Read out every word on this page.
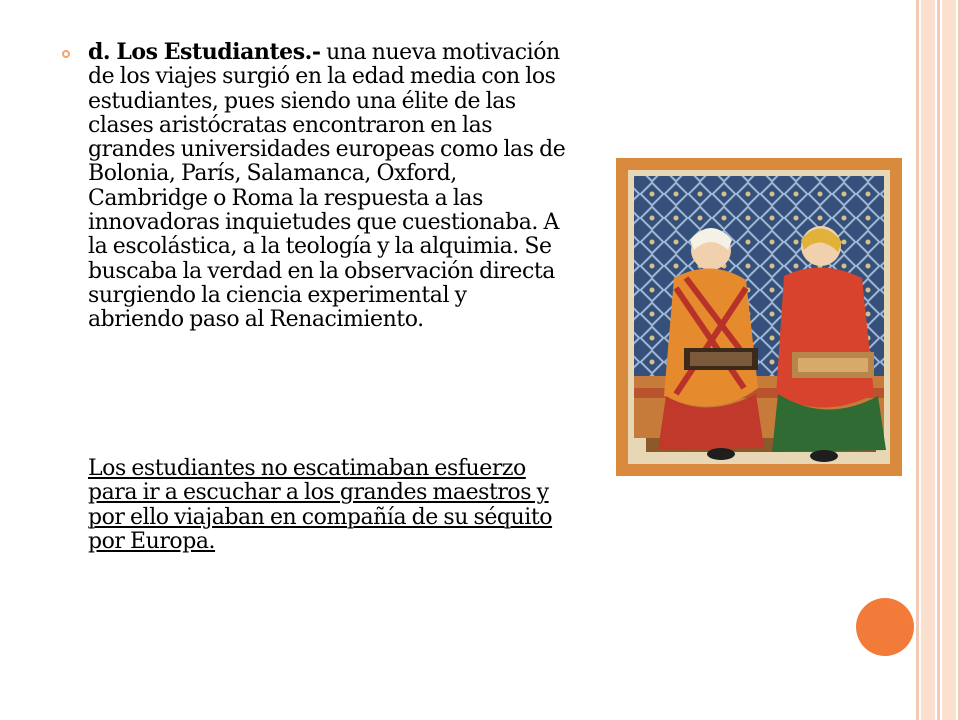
d. Los Estudiantes.- una nueva motivación de los viajes surgió en la edad media con los estudiantes, pues siendo una élite de las clases aristócratas encontraron en las grandes universidades europeas como las de Bolonia, París, Salamanca, Oxford, Cambridge o Roma la respuesta a las innovadoras inquietudes que cuestionaba. A la escolástica, a la teología y la alquimia. Se buscaba la verdad en la observación directa surgiendo la ciencia experimental y abriendo paso al Renacimiento.
Los estudiantes no escatimaban esfuerzo para ir a escuchar a los grandes maestros y por ello viajaban en compañía de su séquito por Europa.
